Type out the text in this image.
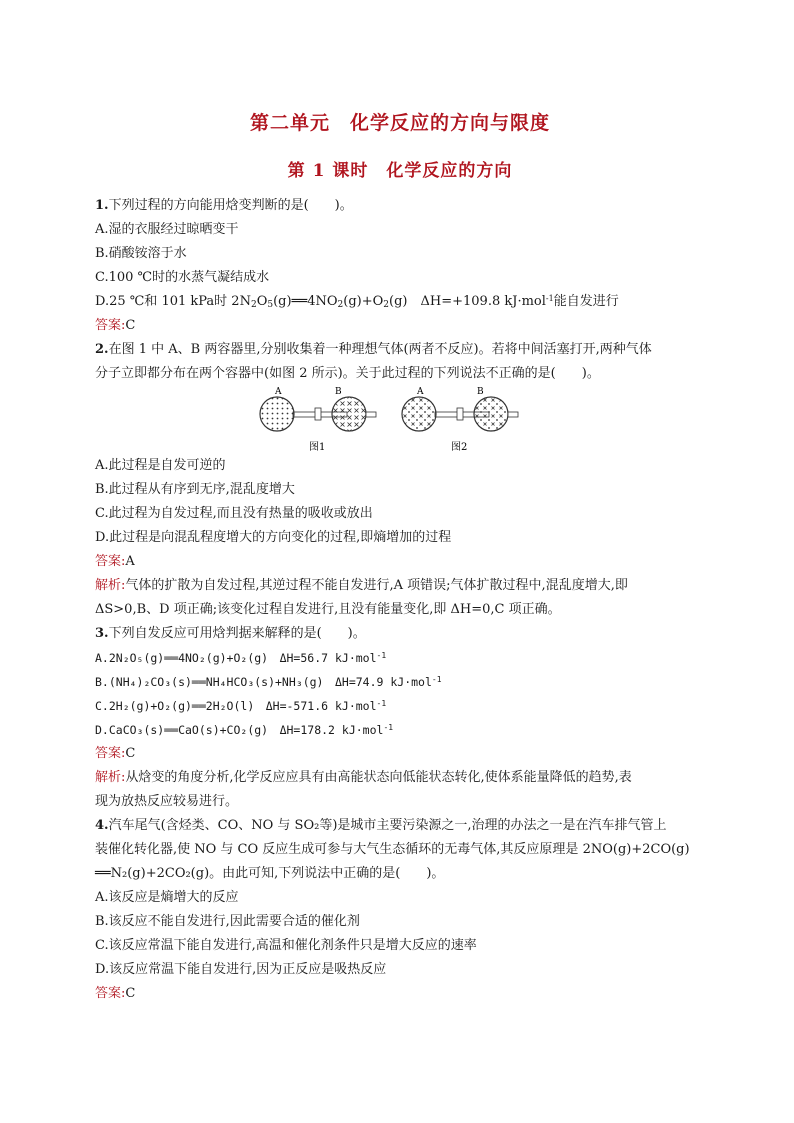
第二单元　化学反应的方向与限度
第 1 课时　化学反应的方向
1.下列过程的方向能用焓变判断的是(　　)。
A.湿的衣服经过晾晒变干
B.硝酸铵溶于水
C.100 ℃时的水蒸气凝结成水
D.25 ℃和 101 kPa时 $2N_2O_5(g)══4NO_2(g)+O_2(g)$　ΔH=+109.8 kJ·mol$^{-1}$能自发进行
答案:C
2.在图 1 中 A、B 两容器里,分别收集着一种理想气体(两者不反应)。若将中间活塞打开,两种气体
分子立即都分布在两个容器中(如图 2 所示)。关于此过程的下列说法不正确的是(　　)。
A	B
图1
A	B
图2
A.此过程是自发可逆的
B.此过程从有序到无序,混乱度增大
C.此过程为自发过程,而且没有热量的吸收或放出
D.此过程是向混乱程度增大的方向变化的过程,即熵增加的过程
答案:A
解析:气体的扩散为自发过程,其逆过程不能自发进行,A 项错误;气体扩散过程中,混乱度增大,即
ΔS>0,B、D 项正确;该变化过程自发进行,且没有能量变化,即 ΔH=0,C 项正确。
3.下列自发反应可用焓判据来解释的是(　　)。
A.2N₂O₅(g)══4NO₂(g)+O₂(g)　ΔH=56.7 kJ·mol$^{-1}$
B.(NH₄)₂CO₃(s)══NH₄HCO₃(s)+NH₃(g)　ΔH=74.9 kJ·mol$^{-1}$
C.2H₂(g)+O₂(g)══2H₂O(l)　ΔH=-571.6 kJ·mol$^{-1}$
D.CaCO₃(s)══CaO(s)+CO₂(g)　ΔH=178.2 kJ·mol$^{-1}$
答案:C
解析:从焓变的角度分析,化学反应应具有由高能状态向低能状态转化,使体系能量降低的趋势,表
现为放热反应较易进行。
4.汽车尾气(含烃类、CO、NO 与 SO₂等)是城市主要污染源之一,治理的办法之一是在汽车排气管上
装催化转化器,使 NO 与 CO 反应生成可参与大气生态循环的无毒气体,其反应原理是 2NO(g)+2CO(g)
══N₂(g)+2CO₂(g)。由此可知,下列说法中正确的是(　　)。
A.该反应是熵增大的反应
B.该反应不能自发进行,因此需要合适的催化剂
C.该反应常温下能自发进行,高温和催化剂条件只是增大反应的速率
D.该反应常温下能自发进行,因为正反应是吸热反应
答案:C
